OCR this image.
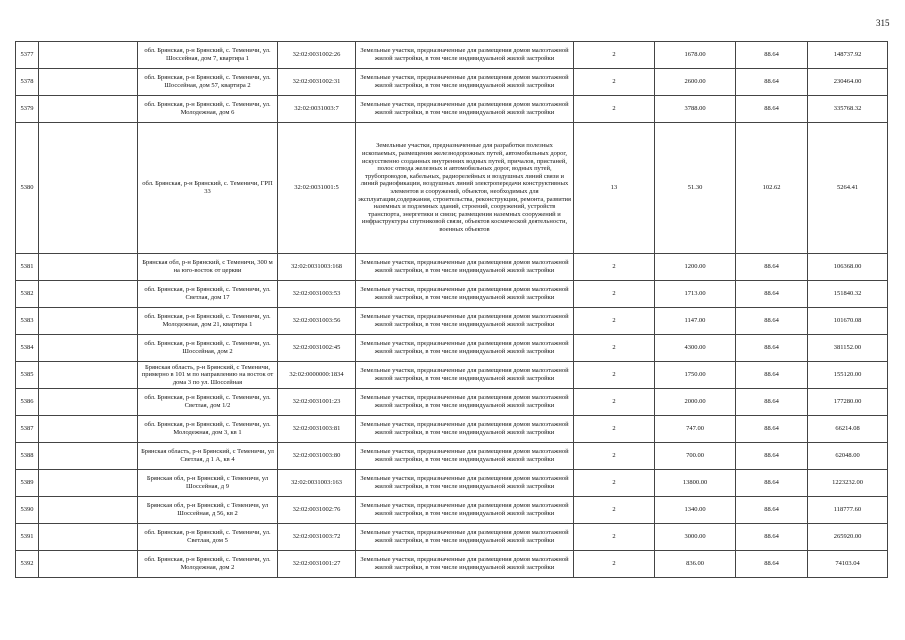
315
5377		обл. Брянская, р-н Брянский, с. Теменичи, ул. Шоссейная, дом 7, квартира 1	32:02:0031002:26	Земельные участки, предназначенные для размещения домов малоэтажной жилой застройки, в том числе индивидуальной жилой застройки	2	1678.00	88.64	148737.92
5378		обл. Брянская, р-н Брянский, с. Теменичи, ул. Шоссейная, дом 57, квартира 2	32:02:0031002:31	Земельные участки, предназначенные для размещения домов малоэтажной жилой застройки, в том числе индивидуальной жилой застройки	2	2600.00	88.64	230464.00
5379		обл. Брянская, р-н Брянский, с. Теменичи, ул. Молодежная, дом 6	32:02:0031003:7	Земельные участки, предназначенные для размещения домов малоэтажной жилой застройки, в том числе индивидуальной жилой застройки	2	3788.00	88.64	335768.32
5380		обл. Брянская, р-н Брянский, с. Теменичи, ГРП 33	32:02:0031001:5	Земельные участки, предназначенные для разработки полезных ископаемых, размещения железнодорожных путей, автомобильных дорог, искусственно созданных внутренних водных путей, причалов, пристаней, полос отвода железных и автомобильных дорог, водных путей, трубопроводов, кабельных, радиорелейных и воздушных линий связи и линий радиофикации, воздушных линий электропередачи конструктивных элементов и сооружений, объектов, необходимых для эксплуатации,содержания, строительства, реконструкции, ремонта, развития наземных и подземных зданий, строений, сооружений, устройств транспорта, энергетики и связи; размещения наземных сооружений и инфраструктуры спутниковой связи, объектов космической деятельности, военных объектов	13	51.30	102.62	5264.41
5381		Брянская обл, р-н Брянский, с Теменичи, 300 м на юго-восток от церкви	32:02:0031003:168	Земельные участки, предназначенные для размещения домов малоэтажной жилой застройки, в том числе индивидуальной жилой застройки	2	1200.00	88.64	106368.00
5382		обл. Брянская, р-н Брянский, с. Теменичи, ул. Светлая, дом 17	32:02:0031003:53	Земельные участки, предназначенные для размещения домов малоэтажной жилой застройки, в том числе индивидуальной жилой застройки	2	1713.00	88.64	151840.32
5383		обл. Брянская, р-н Брянский, с. Теменичи, ул. Молодежная, дом 21, квартира 1	32:02:0031003:56	Земельные участки, предназначенные для размещения домов малоэтажной жилой застройки, в том числе индивидуальной жилой застройки	2	1147.00	88.64	101670.08
5384		обл. Брянская, р-н Брянский, с. Теменичи, ул. Шоссейная, дом 2	32:02:0031002:45	Земельные участки, предназначенные для размещения домов малоэтажной жилой застройки, в том числе индивидуальной жилой застройки	2	4300.00	88.64	381152.00
5385		Брянская область, р-н Брянский, с Теменичи, примерно в 101 м по направлению на восток от дома 3 по ул. Шоссейная	32:02:0000000:1834	Земельные участки, предназначенные для размещения домов малоэтажной жилой застройки, в том числе индивидуальной жилой застройки	2	1750.00	88.64	155120.00
5386		обл. Брянская, р-н Брянский, с. Теменичи, ул. Светлая, дом 1/2	32:02:0031001:23	Земельные участки, предназначенные для размещения домов малоэтажной жилой застройки, в том числе индивидуальной жилой застройки	2	2000.00	88.64	177280.00
5387		обл. Брянская, р-н Брянский, с. Теменичи, ул. Молодежная, дом 3, кв 1	32:02:0031003:81	Земельные участки, предназначенные для размещения домов малоэтажной жилой застройки, в том числе индивидуальной жилой застройки	2	747.00	88.64	66214.08
5388		Брянская область, р-н Брянский, с Теменичи, ул Светлая, д 1 А, кв 4	32:02:0031003:80	Земельные участки, предназначенные для размещения домов малоэтажной жилой застройки, в том числе индивидуальной жилой застройки	2	700.00	88.64	62048.00
5389		Брянская обл, р-н Брянский, с Теменичи, ул Шоссейная, д 9	32:02:0031003:163	Земельные участки, предназначенные для размещения домов малоэтажной жилой застройки, в том числе индивидуальной жилой застройки	2	13800.00	88.64	1223232.00
5390		Брянская обл, р-н Брянский, с Теменичи, ул Шоссейная, д 56, кв 2	32:02:0031002:76	Земельные участки, предназначенные для размещения домов малоэтажной жилой застройки, в том числе индивидуальной жилой застройки	2	1340.00	88.64	118777.60
5391		обл. Брянская, р-н Брянский, с. Теменичи, ул. Светлая, дом 5	32:02:0031003:72	Земельные участки, предназначенные для размещения домов малоэтажной жилой застройки, в том числе индивидуальной жилой застройки	2	3000.00	88.64	265920.00
5392		обл. Брянская, р-н Брянский, с. Теменичи, ул. Молодежная, дом 2	32:02:0031001:27	Земельные участки, предназначенные для размещения домов малоэтажной жилой застройки, в том числе индивидуальной жилой застройки	2	836.00	88.64	74103.04
